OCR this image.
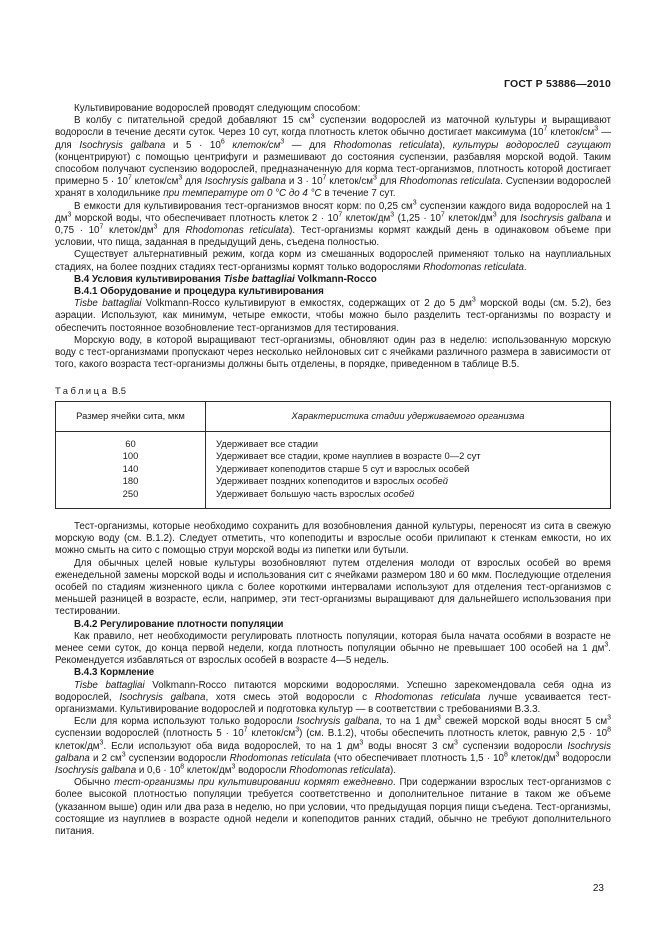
ГОСТ Р 53886—2010

Культивирование водорослей проводят следующим способом:

В колбу с питательной средой добавляют 15 $см^3$ суспензии водорослей из маточной культуры и выращивают водоросли в течение десяти суток. Через 10 сут, когда плотность клеток обычно достигает максимума ($10^7$ клеток/$см^3$ — для Isochrysis galbana и $5 \cdot 10^6$ клеток/$см^3$ — для Rhodomonas reticulata), культуры водорослей сгущают (концентрируют) с помощью центрифуги и размешивают до состояния суспензии, разбавляя морской водой. Таким способом получают суспензию водорослей, предназначенную для корма тест-организмов, плотность которой достигает примерно $5 \cdot 10^7$ клеток/$см^3$ для Isochrysis galbana и $3 \cdot 10^7$ клеток/$см^3$ для Rhodomonas reticulata. Суспензии водорослей хранят в холодильнике при температуре от 0 °С до 4 °С в течение 7 сут.

В емкости для культивирования тест-организмов вносят корм: по 0,25 $см^3$ суспензии каждого вида водорослей на 1 $дм^3$ морской воды, что обеспечивает плотность клеток $2 \cdot 10^7$ клеток/$дм^3$ ($1,25 \cdot 10^7$ клеток/$дм^3$ для Isochrysis galbana и $0,75 \cdot 10^7$ клеток/$дм^3$ для Rhodomonas reticulata). Тест-организмы кормят каждый день в одинаковом объеме при условии, что пища, заданная в предыдущий день, съедена полностью.

Существует альтернативный режим, когда корм из смешанных водорослей применяют только на науплиальных стадиях, на более поздних стадиях тест-организмы кормят только водорослями Rhodomonas reticulata.

В.4 Условия культивирования Tisbe battagliai Volkmann-Rocco

В.4.1 Оборудование и процедура культивирования

Tisbe battagliai Volkmann-Rocco культивируют в емкостях, содержащих от 2 до 5 $дм^3$ морской воды (см. 5.2), без аэрации. Используют, как минимум, четыре емкости, чтобы можно было разделить тест-организмы по возрасту и обеспечить постоянное возобновление тест-организмов для тестирования.

Морскую воду, в которой выращивают тест-организмы, обновляют один раз в неделю: использованную морскую воду с тест-организмами пропускают через несколько нейлоновых сит с ячейками различного размера в зависимости от того, какого возраста тест-организмы должны быть отделены, в порядке, приведенном в таблице В.5.

Таблица В.5
Размер ячейки сита, мкм	Характеристика стадии удерживаемого организма
60	Удерживает все стадии
100	Удерживает все стадии, кроме науплиев в возрасте 0—2 сут
140	Удерживает копеподитов старше 5 сут и взрослых особей
180	Удерживает поздних копеподитов и взрослых особей
250	Удерживает большую часть взрослых особей

Тест-организмы, которые необходимо сохранить для возобновления данной культуры, переносят из сита в свежую морскую воду (см. В.1.2). Следует отметить, что копеподиты и взрослые особи прилипают к стенкам емкости, но их можно смыть на сито с помощью струи морской воды из пипетки или бутыли.

Для обычных целей новые культуры возобновляют путем отделения молоди от взрослых особей во время еженедельной замены морской воды и использования сит с ячейками размером 180 и 60 мкм. Последующие отделения особей по стадиям жизненного цикла с более короткими интервалами используют для отделения тест-организмов с меньшей разницей в возрасте, если, например, эти тест-организмы выращивают для дальнейшего использования при тестировании.

В.4.2 Регулирование плотности популяции

Как правило, нет необходимости регулировать плотность популяции, которая была начата особями в возрасте не менее семи суток, до конца первой недели, когда плотность популяции обычно не превышает 100 особей на 1 $дм^3$. Рекомендуется избавляться от взрослых особей в возрасте 4—5 недель.

В.4.3 Кормление

Tisbe battagliai Volkmann-Rocco питаются морскими водорослями. Успешно зарекомендовала себя одна из водорослей, Isochrysis galbana, хотя смесь этой водоросли с Rhodomonas reticulata лучше усваивается тест-организмами. Культивирование водорослей и подготовка культур — в соответствии с требованиями В.3.3.

Если для корма используют только водоросли Isochrysis galbana, то на 1 $дм^3$ свежей морской воды вносят 5 $см^3$ суспензии водорослей (плотность $5 \cdot 10^7$ клеток/$см^3$) (см. В.1.2), чтобы обеспечить плотность клеток, равную $2,5 \cdot 10^8$ клеток/$дм^3$. Если используют оба вида водорослей, то на 1 $дм^3$ воды вносят 3 $см^3$ суспензии водоросли Isochrysis galbana и 2 $см^3$ суспензии водоросли Rhodomonas reticulata (что обеспечивает плотность $1,5 \cdot 10^8$ клеток/$дм^3$ водоросли Isochrysis galbana и $0,6 \cdot 10^8$ клеток/$дм^3$ водоросли Rhodomonas reticulata).

Обычно тест-организмы при культивировании кормят ежедневно. При содержании взрослых тест-организмов с более высокой плотностью популяции требуется соответственно и дополнительное питание в таком же объеме (указанном выше) один или два раза в неделю, но при условии, что предыдущая порция пищи съедена. Тест-организмы, состоящие из науплиев в возрасте одной недели и копеподитов ранних стадий, обычно не требуют дополнительного питания.

23
